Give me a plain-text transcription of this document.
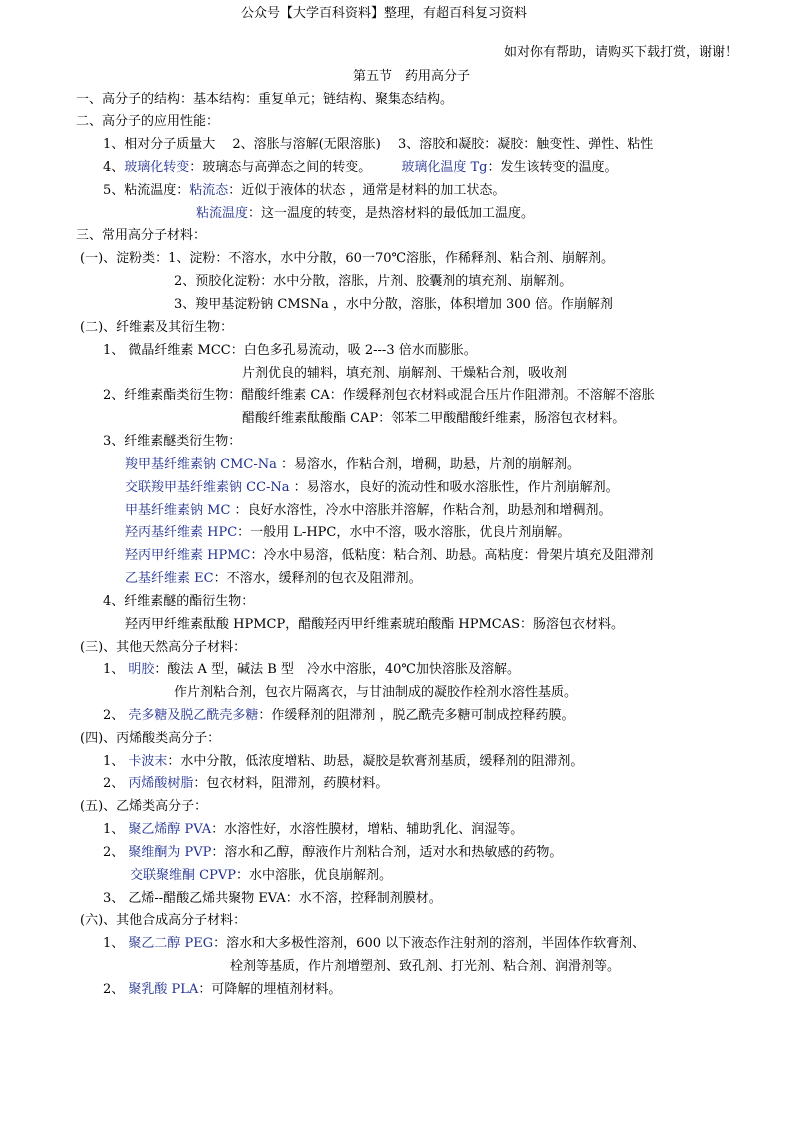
公众号【大学百科资料】整理，有超百科复习资料
如对你有帮助，请购买下载打赏，谢谢！
第五节　药用高分子
一、高分子的结构：基本结构：重复单元；链结构、聚集态结构。
二、高分子的应用性能：
1、相对分子质量大　 2、溶胀与溶解(无限溶胀)　 3、溶胶和凝胶：凝胶：触变性、弹性、粘性
4、玻璃化转变：玻璃态与高弹态之间的转变。 玻璃化温度 Tg：发生该转变的温度。
5、粘流温度：粘流态：近似于液体的状态 ，通常是材料的加工状态。
粘流温度：这一温度的转变，是热溶材料的最低加工温度。
三、常用高分子材料：
(一)、淀粉类：1、淀粉：不溶水，水中分散，60一70℃溶胀，作稀释剂、粘合剂、崩解剂。
2、预胶化淀粉：水中分散，溶胀，片剂、胶囊剂的填充剂、崩解剂。
3、羧甲基淀粉钠 CMSNa ，水中分散，溶胀，体积增加 300 倍。作崩解剂
(二)、纤维素及其衍生物：
1、 微晶纤维素 MCC：白色多孔易流动，吸 2---3 倍水而膨胀。
片剂优良的辅料，填充剂、崩解剂、干燥粘合剂，吸收剂
2、纤维素酯类衍生物：醋酸纤维素 CA：作缓释剂包衣材料或混合压片作阻滞剂。不溶解不溶胀
醋酸纤维素酞酸酯 CAP：邻苯二甲酸醋酸纤维素，肠溶包衣材料。
3、纤维素醚类衍生物：
羧甲基纤维素钠 CMC-Na ：易溶水，作粘合剂，增稠，助悬，片剂的崩解剂。
交联羧甲基纤维素钠 CC-Na ：易溶水，良好的流动性和吸水溶胀性，作片剂崩解剂。
甲基纤维素钠 MC ：良好水溶性，冷水中溶胀并溶解，作粘合剂，助悬剂和增稠剂。
羟丙基纤维素 HPC：一般用 L-HPC，水中不溶，吸水溶胀，优良片剂崩解。
羟丙甲纤维素 HPMC：冷水中易溶，低粘度：粘合剂、助悬。高粘度：骨架片填充及阻滞剂
乙基纤维素 EC：不溶水，缓释剂的包衣及阻滞剂。
4、纤维素醚的酯衍生物：
羟丙甲纤维素酞酸 HPMCP，醋酸羟丙甲纤维素琥珀酸酯 HPMCAS：肠溶包衣材料。
(三)、其他天然高分子材料：
1、 明胶：酸法 A 型，碱法 B 型　冷水中溶胀，40℃加快溶胀及溶解。
作片剂粘合剂，包衣片隔离衣，与甘油制成的凝胶作栓剂水溶性基质。
2、 壳多糖及脱乙酰壳多糖：作缓释剂的阻滞剂 ，脱乙酰壳多糖可制成控释药膜。
(四)、丙烯酸类高分子：
1、 卡波末：水中分散，低浓度增粘、助悬，凝胶是软膏剂基质，缓释剂的阻滞剂。
2、 丙烯酸树脂：包衣材料，阻滞剂，药膜材料。
(五)、乙烯类高分子：
1、 聚乙烯醇 PVA：水溶性好，水溶性膜材，增粘、辅助乳化、润湿等。
2、 聚维酮为 PVP：溶水和乙醇，醇液作片剂粘合剂，适对水和热敏感的药物。
交联聚维酮 CPVP：水中溶胀，优良崩解剂。
3、 乙烯--醋酸乙烯共聚物 EVA：水不溶，控释制剂膜材。
(六)、其他合成高分子材料：
1、 聚乙二醇 PEG：溶水和大多极性溶剂，600 以下液态作注射剂的溶剂，半固体作软膏剂、
栓剂等基质，作片剂增塑剂、致孔剂、打光剂、粘合剂、润滑剂等。
2、 聚乳酸 PLA：可降解的埋植剂材料。
